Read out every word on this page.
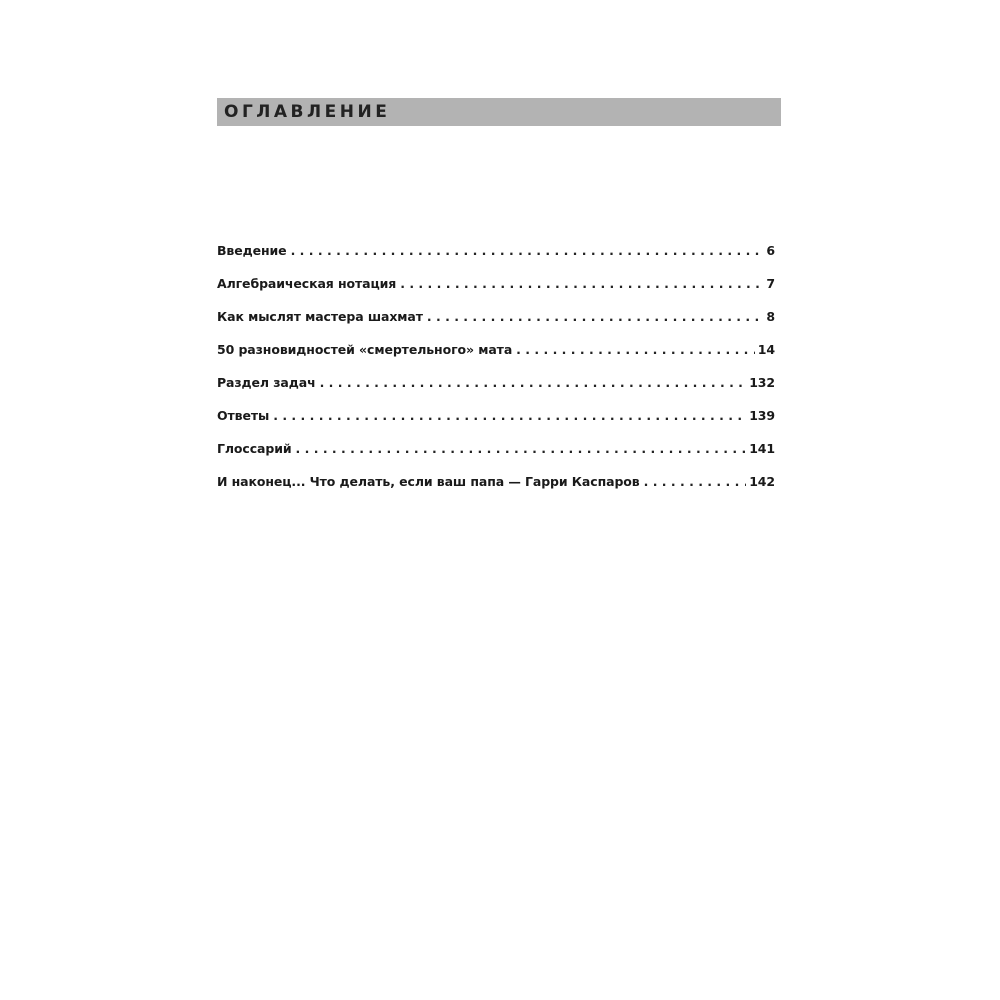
ОГЛАВЛЕНИЕ
Введение . . .	6
Алгебраическая нотация . . .	7
Как мыслят мастера шахмат . . .	8
50 разновидностей «смертельного» мата . . .	14
Раздел задач . . .	132
Ответы . . .	139
Глоссарий . . .	141
И наконец... Что делать, если ваш папа — Гарри Каспаров . . .	142
